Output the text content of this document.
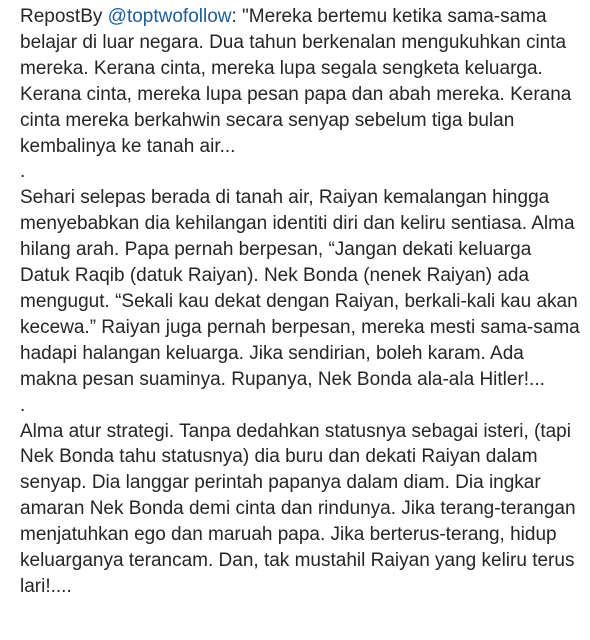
RepostBy @toptwofollow: "Mereka bertemu ketika sama-sama belajar di luar negara. Dua tahun berkenalan mengukuhkan cinta mereka. Kerana cinta, mereka lupa segala sengketa keluarga. Kerana cinta, mereka lupa pesan papa dan abah mereka. Kerana cinta mereka berkahwin secara senyap sebelum tiga bulan kembalinya ke tanah air...

.

Sehari selepas berada di tanah air, Raiyan kemalangan hingga menyebabkan dia kehilangan identiti diri dan keliru sentiasa. Alma hilang arah. Papa pernah berpesan, “Jangan dekati keluarga Datuk Raqib (datuk Raiyan). Nek Bonda (nenek Raiyan) ada mengugut. “Sekali kau dekat dengan Raiyan, berkali-kali kau akan kecewa.” Raiyan juga pernah berpesan, mereka mesti sama-sama hadapi halangan keluarga. Jika sendirian, boleh karam. Ada makna pesan suaminya. Rupanya, Nek Bonda ala-ala Hitler!...

.

Alma atur strategi. Tanpa dedahkan statusnya sebagai isteri, (tapi Nek Bonda tahu statusnya) dia buru dan dekati Raiyan dalam senyap. Dia langgar perintah papanya dalam diam. Dia ingkar amaran Nek Bonda demi cinta dan rindunya. Jika terang-terangan menjatuhkan ego dan maruah papa. Jika berterus-terang, hidup keluarganya terancam. Dan, tak mustahil Raiyan yang keliru terus lari!....
